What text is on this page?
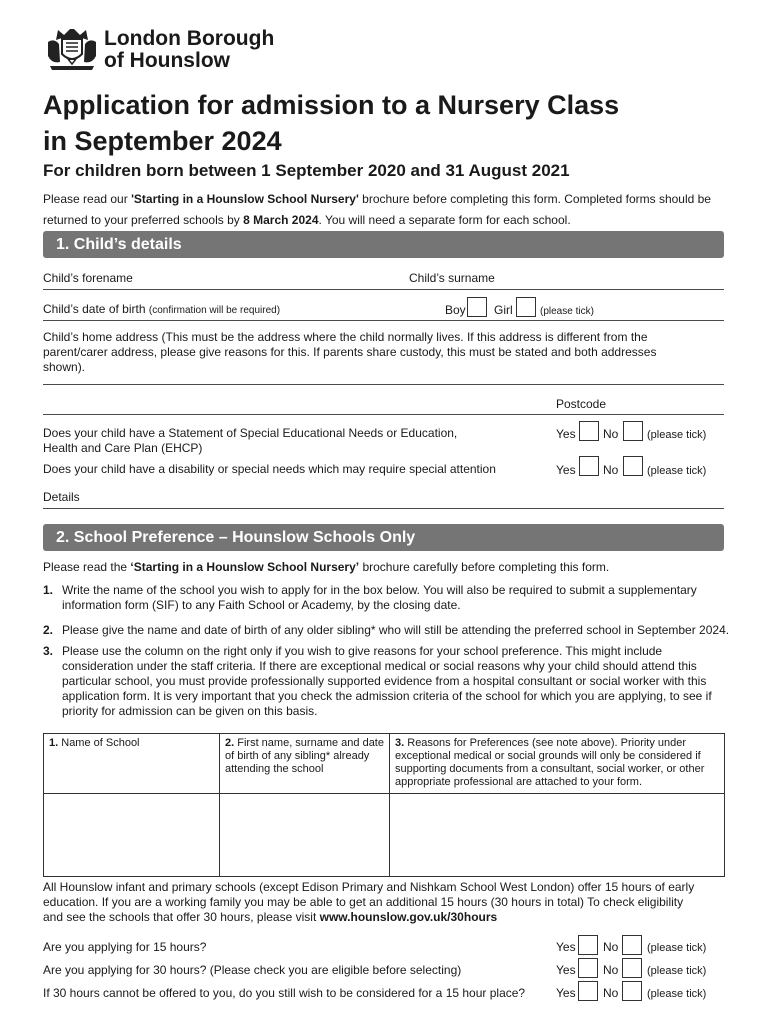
London Borough
of Hounslow
Application for admission to a Nursery Class
in September 2024
For children born between 1 September 2020 and 31 August 2021
Please read our 'Starting in a Hounslow School Nursery' brochure before completing this form. Completed forms should be returned to your preferred schools by 8 March 2024. You will need a separate form for each school.
1. Child’s details
Child’s forename	Child’s surname
Child’s date of birth (confirmation will be required)	Boy Girl	(please tick)
Child’s home address (This must be the address where the child normally lives. If this address is different from the parent/carer address, please give reasons for this. If parents share custody, this must be stated and both addresses shown).
Postcode
Does your child have a Statement of Special Educational Needs or Education,
Health and Care Plan (EHCP)
Yes No	(please tick)
Does your child have a disability or special needs which may require special attention	Yes No	(please tick)
Details
2. School Preference – Hounslow Schools Only
Please read the ‘Starting in a Hounslow School Nursery’ brochure carefully before completing this form.
1. Write the name of the school you wish to apply for in the box below. You will also be required to submit a supplementary information form (SIF) to any Faith School or Academy, by the closing date.
2. Please give the name and date of birth of any older sibling* who will still be attending the preferred school in September 2024.
3. Please use the column on the right only if you wish to give reasons for your school preference. This might include consideration under the staff criteria. If there are exceptional medical or social reasons why your child should attend this particular school, you must provide professionally supported evidence from a hospital consultant or social worker with this application form. It is very important that you check the admission criteria of the school for which you are applying, to see if priority for admission can be given on this basis.
1. Name of School	2. First name, surname and date of birth of any sibling* already attending the school	3. Reasons for Preferences (see note above). Priority under exceptional medical or social grounds will only be considered if supporting documents from a consultant, social worker, or other appropriate professional are attached to your form.

All Hounslow infant and primary schools (except Edison Primary and Nishkam School West London) offer 15 hours of early education. If you are a working family you may be able to get an additional 15 hours (30 hours in total) To check eligibility and see the schools that offer 30 hours, please visit www.hounslow.gov.uk/30hours
Are you applying for 15 hours?	Yes No	(please tick)
Are you applying for 30 hours? (Please check you are eligible before selecting)	Yes No	(please tick)
If 30 hours cannot be offered to you, do you still wish to be considered for a 15 hour place?	Yes No	(please tick)
